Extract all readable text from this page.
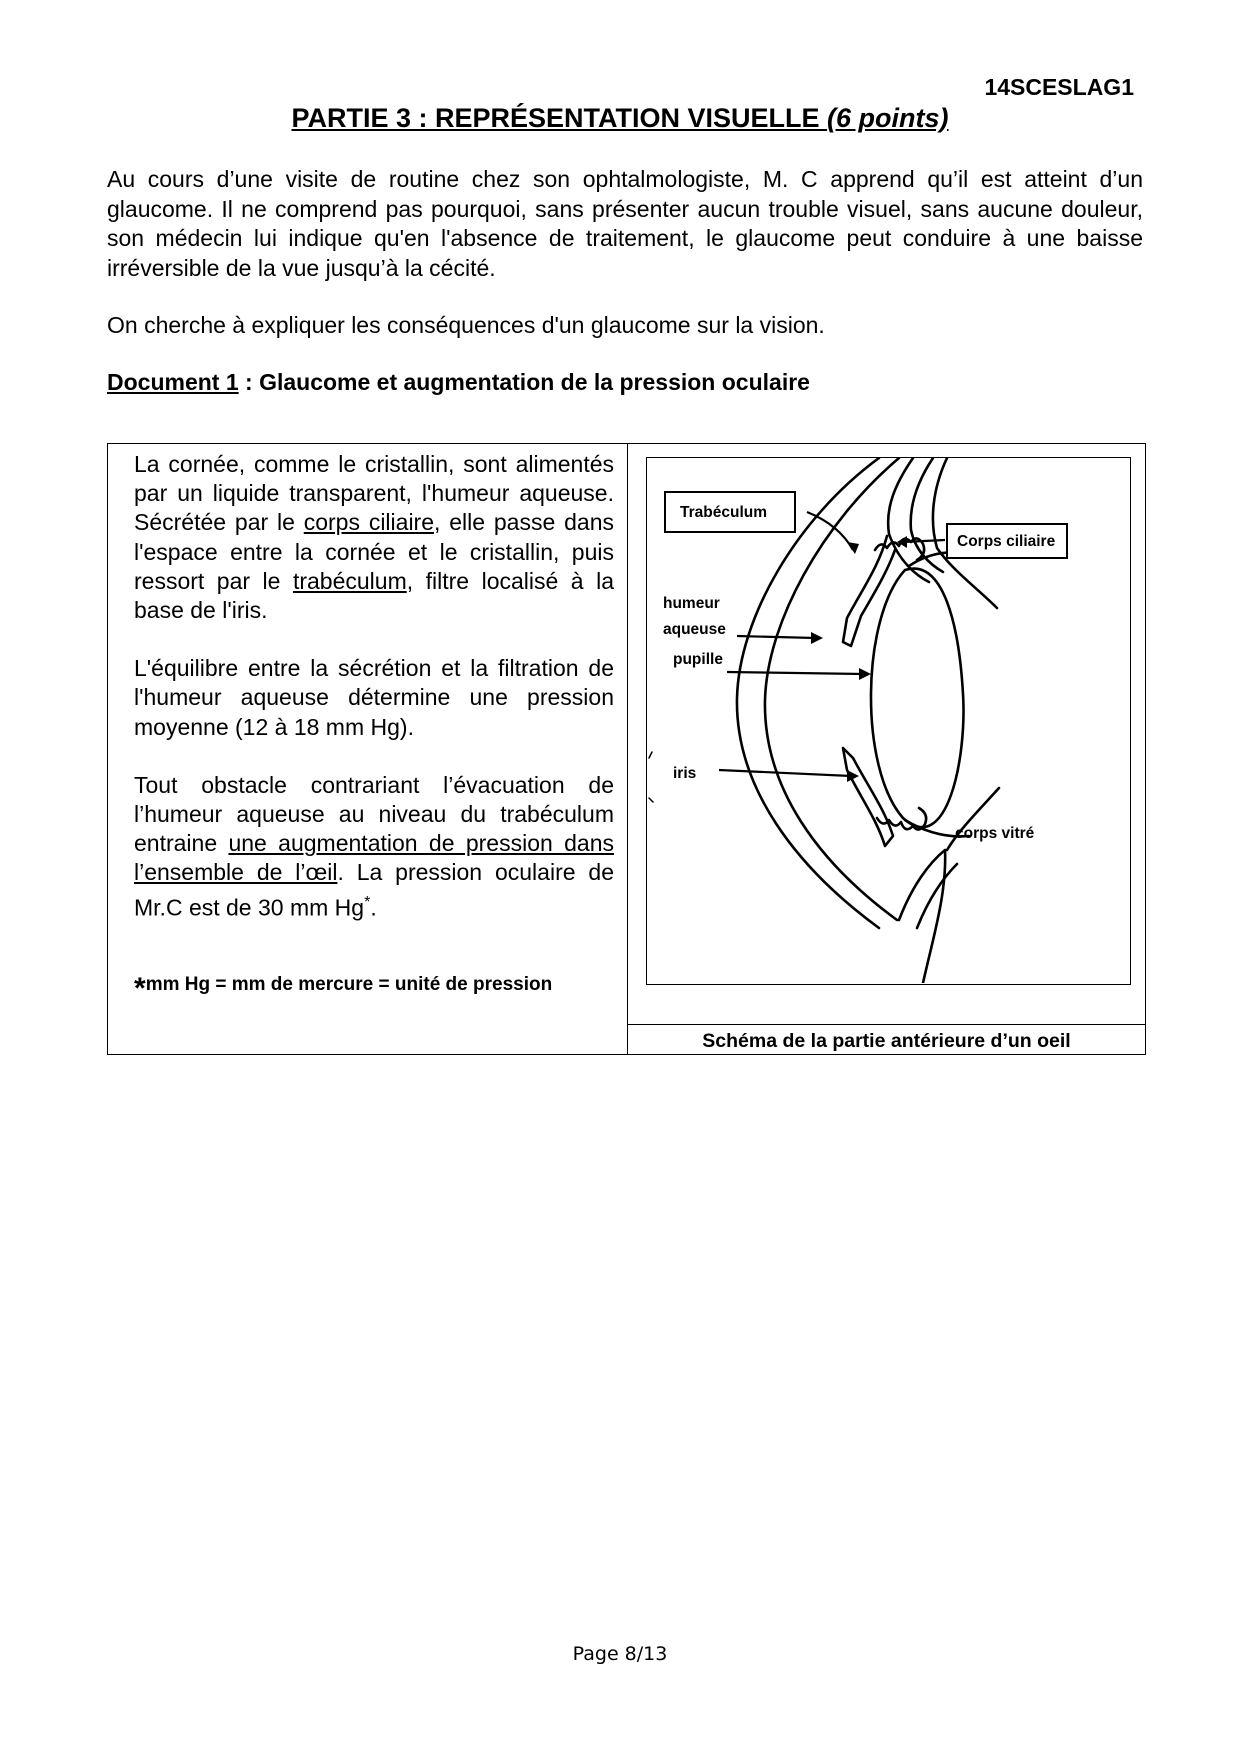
14SCESLAG1
PARTIE 3 : REPRÉSENTATION VISUELLE (6 points)

Au cours d’une visite de routine chez son ophtalmologiste, M. C apprend qu’il est atteint d’un glaucome. Il ne comprend pas pourquoi, sans présenter aucun trouble visuel, sans aucune douleur, son médecin lui indique qu'en l'absence de traitement, le glaucome peut conduire à une baisse irréversible de la vue jusqu’à la cécité.

On cherche à expliquer les conséquences d'un glaucome sur la vision.

Document 1 : Glaucome et augmentation de la pression oculaire

La cornée, comme le cristallin, sont alimentés par un liquide transparent, l'humeur aqueuse. Sécrétée par le corps ciliaire, elle passe dans l'espace entre la cornée et le cristallin, puis ressort par le trabéculum, filtre localisé à la base de l'iris.

L'équilibre entre la sécrétion et la filtration de l'humeur aqueuse détermine une pression moyenne (12 à 18 mm Hg).

Tout obstacle contrariant l’évacuation de l’humeur aqueuse au niveau du trabéculum entraine une augmentation de pression dans l’ensemble de l’œil. La pression oculaire de Mr.C est de 30 mm Hg*.

*mm Hg = mm de mercure = unité de pression
Trabéculum
Corps ciliaire
humeur
aqueuse
pupille
iris
corps vitré
Schéma de la partie antérieure d’un oeil
Page 8/13
